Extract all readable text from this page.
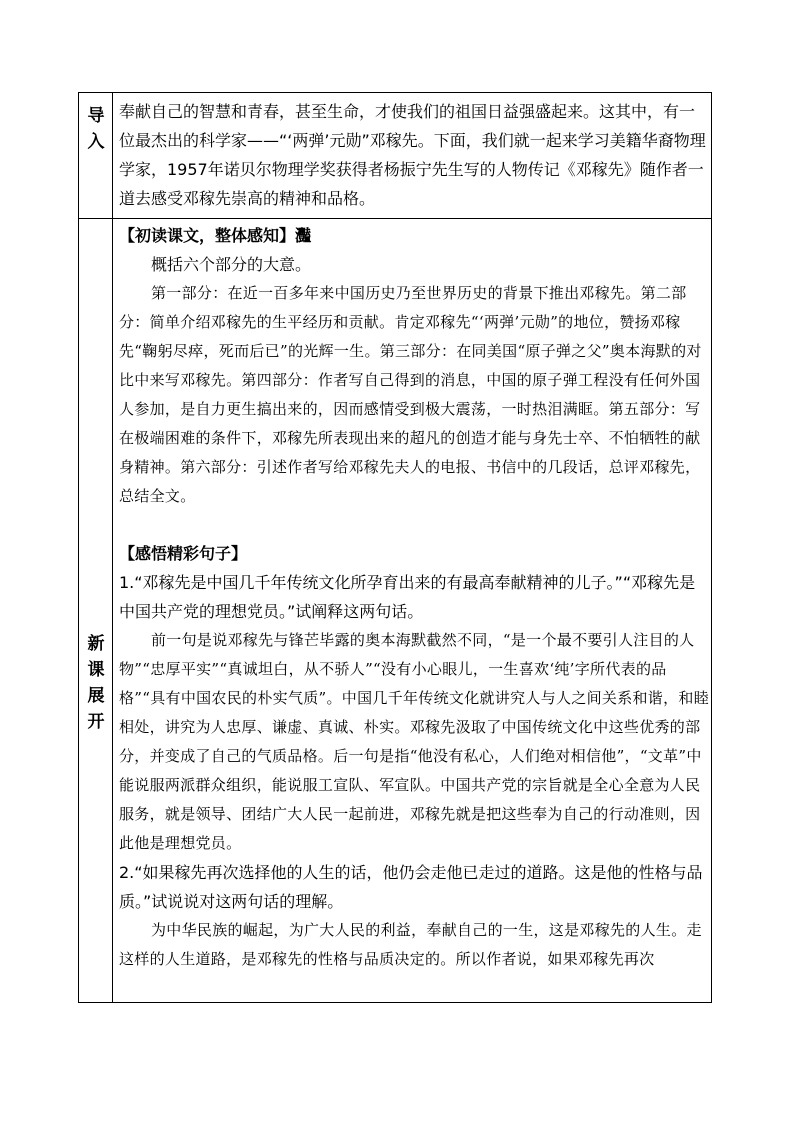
导
入

奉献自己的智慧和青春，甚至生命，才使我们的祖国日益强盛起来。这其中，有一位最杰出的科学家——“‘两弹’元勋”邓稼先。下面，我们就一起来学习美籍华裔物理学家，1957年诺贝尔物理学奖获得者杨振宁先生写的人物传记《邓稼先》随作者一道去感受邓稼先崇高的精神和品格。

新
课
展
开

【初读课文，整体感知】灩

概括六个部分的大意。

第一部分：在近一百多年来中国历史乃至世界历史的背景下推出邓稼先。第二部分：简单介绍邓稼先的生平经历和贡献。肯定邓稼先“‘两弹’元勋”的地位，赞扬邓稼先“鞠躬尽瘁，死而后已”的光辉一生。第三部分：在同美国“原子弹之父”奥本海默的对比中来写邓稼先。第四部分：作者写自己得到的消息，中国的原子弹工程没有任何外国人参加，是自力更生搞出来的，因而感情受到极大震荡，一时热泪满眶。第五部分：写在极端困难的条件下，邓稼先所表现出来的超凡的创造才能与身先士卒、不怕牺牲的献身精神。第六部分：引述作者写给邓稼先夫人的电报、书信中的几段话，总评邓稼先，总结全文。

【感悟精彩句子】

1.“邓稼先是中国几千年传统文化所孕育出来的有最高奉献精神的儿子。”“邓稼先是中国共产党的理想党员。”试阐释这两句话。

前一句是说邓稼先与锋芒毕露的奥本海默截然不同，“是一个最不要引人注目的人物”“忠厚平实”“真诚坦白，从不骄人”“没有小心眼儿，一生喜欢‘纯’字所代表的品格”“具有中国农民的朴实气质”。中国几千年传统文化就讲究人与人之间关系和谐，和睦相处，讲究为人忠厚、谦虚、真诚、朴实。邓稼先汲取了中国传统文化中这些优秀的部分，并变成了自己的气质品格。后一句是指“他没有私心，人们绝对相信他”，“文革”中能说服两派群众组织，能说服工宣队、军宣队。中国共产党的宗旨就是全心全意为人民服务，就是领导、团结广大人民一起前进，邓稼先就是把这些奉为自己的行动准则，因此他是理想党员。

2.“如果稼先再次选择他的人生的话，他仍会走他已走过的道路。这是他的性格与品质。”试说说对这两句话的理解。

为中华民族的崛起，为广大人民的利益，奉献自己的一生，这是邓稼先的人生。走这样的人生道路，是邓稼先的性格与品质决定的。所以作者说，如果邓稼先再次
